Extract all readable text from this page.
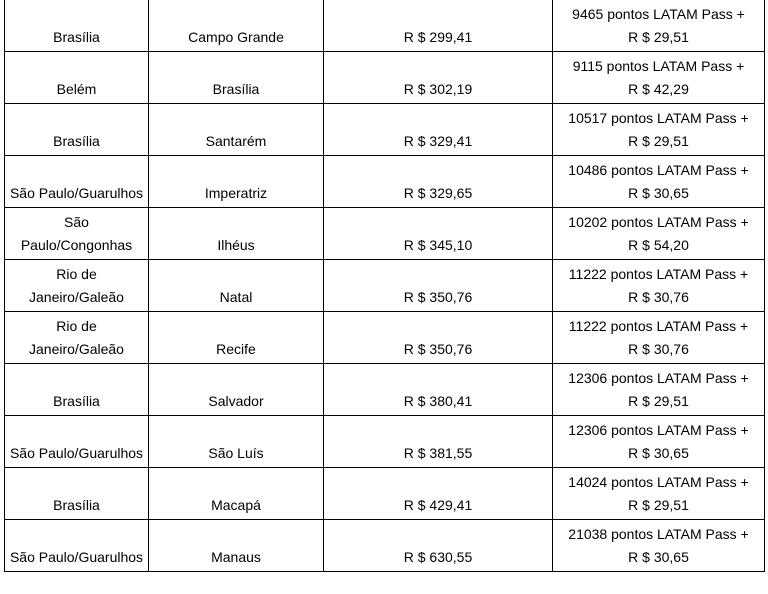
Brasília	Campo Grande	R $ 299,41	9465 pontos LATAM Pass +
R $ 29,51

Belém	Brasília	R $ 302,19	9115 pontos LATAM Pass +
R $ 42,29

Brasília	Santarém	R $ 329,41	10517 pontos LATAM Pass +
R $ 29,51

São Paulo/Guarulhos	Imperatriz	R $ 329,65	10486 pontos LATAM Pass +
R $ 30,65

São Paulo/Congonhas	Ilhéus	R $ 345,10	10202 pontos LATAM Pass +
R $ 54,20

Rio de Janeiro/Galeão	Natal	R $ 350,76	11222 pontos LATAM Pass +
R $ 30,76

Rio de Janeiro/Galeão	Recife	R $ 350,76	11222 pontos LATAM Pass +
R $ 30,76

Brasília	Salvador	R $ 380,41	12306 pontos LATAM Pass +
R $ 29,51

São Paulo/Guarulhos	São Luís	R $ 381,55	12306 pontos LATAM Pass +
R $ 30,65

Brasília	Macapá	R $ 429,41	14024 pontos LATAM Pass +
R $ 29,51

São Paulo/Guarulhos	Manaus	R $ 630,55	21038 pontos LATAM Pass +
R $ 30,65
